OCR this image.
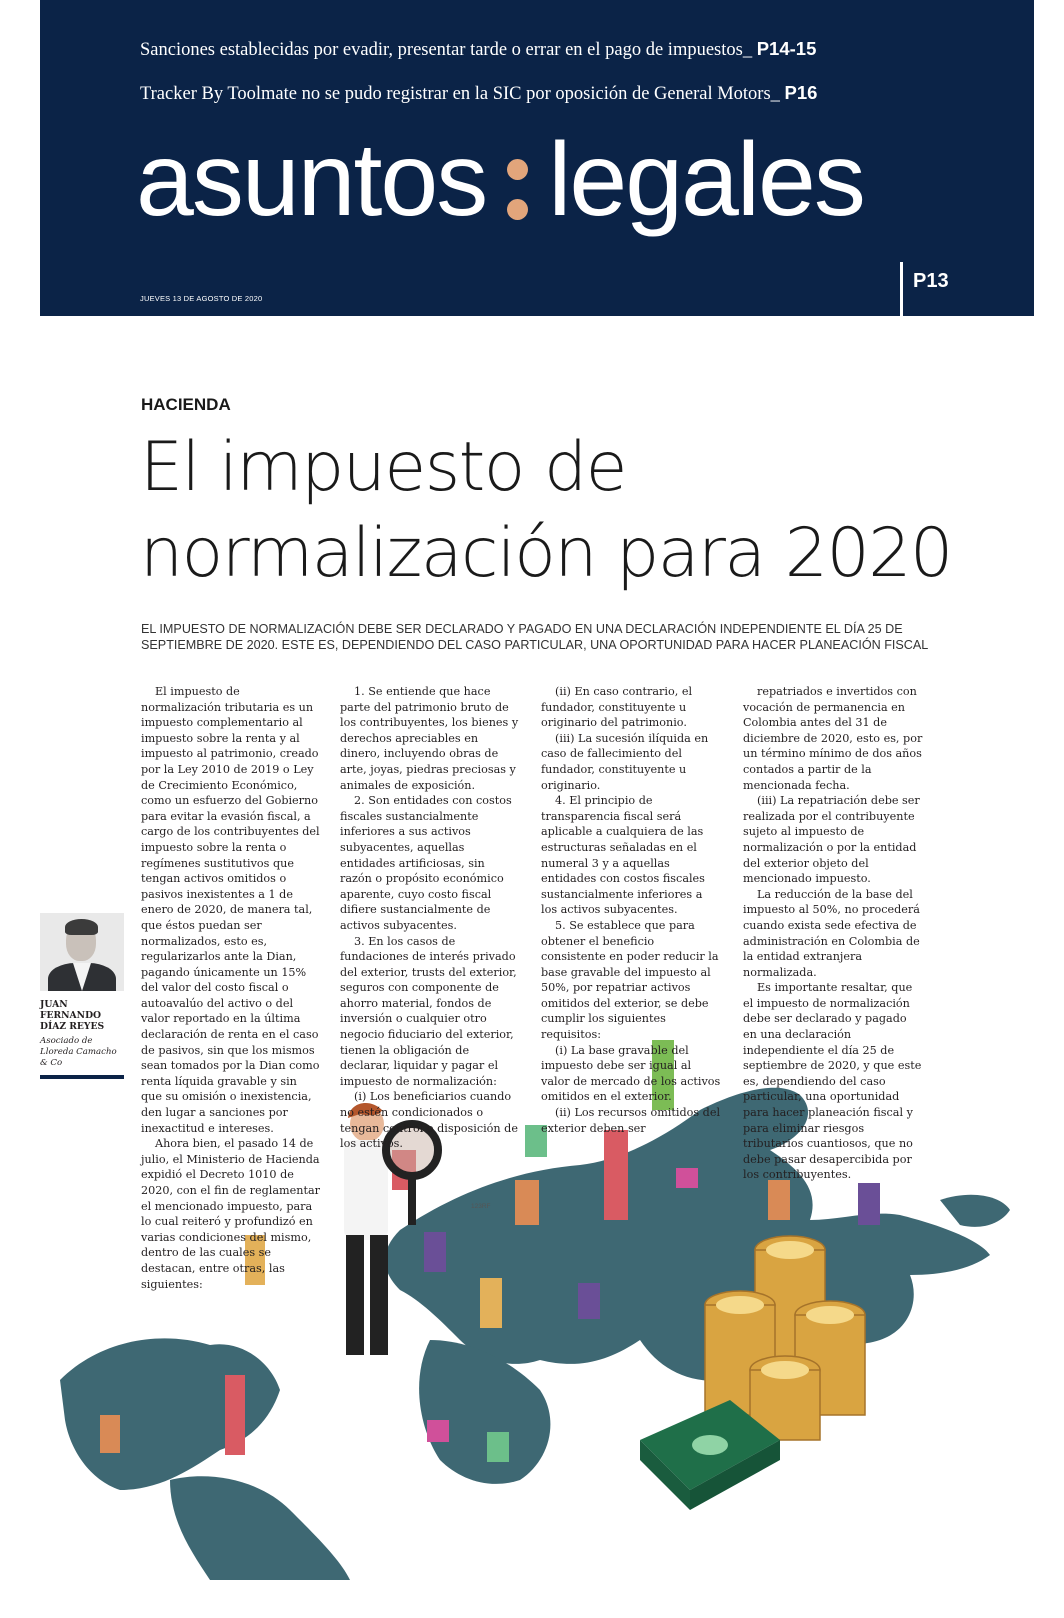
Sanciones establecidas por evadir, presentar tarde o errar en el pago de impuestos_ P14-15
Tracker By Toolmate no se pudo registrar en la SIC por oposición de General Motors_ P16
asuntos legales
JUEVES 13 DE AGOSTO DE 2020
P13
HACIENDA
El impuesto de
normalización para 2020
EL IMPUESTO DE NORMALIZACIÓN DEBE SER DECLARADO Y PAGADO EN UNA DECLARACIÓN INDEPENDIENTE EL DÍA 25 DE SEPTIEMBRE DE 2020. ESTE ES, DEPENDIENDO DEL CASO PARTICULAR, UNA OPORTUNIDAD PARA HACER PLANEACIÓN FISCAL
JUAN FERNANDO DÍAZ REYES
Asociado de Lloreda Camacho & Co
123RF

El impuesto de normalización tributaria es un impuesto complementario al impuesto sobre la renta y al impuesto al patrimonio, creado por la Ley 2010 de 2019 o Ley de Crecimiento Económico, como un esfuerzo del Gobierno para evitar la evasión fiscal, a cargo de los contribuyentes del impuesto sobre la renta o regímenes sustitutivos que tengan activos omitidos o pasivos inexistentes a 1 de enero de 2020, de manera tal, que éstos puedan ser normalizados, esto es, regularizarlos ante la Dian, pagando únicamente un 15% del valor del costo fiscal o autoavalúo del activo o del valor reportado en la última declaración de renta en el caso de pasivos, sin que los mismos sean tomados por la Dian como renta líquida gravable y sin que su omisión o inexistencia, den lugar a sanciones por inexactitud e intereses.

Ahora bien, el pasado 14 de julio, el Ministerio de Hacienda expidió el Decreto 1010 de 2020, con el fin de reglamentar el mencionado impuesto, para lo cual reiteró y profundizó en varias condiciones del mismo, dentro de las cuales se destacan, entre otras, las siguientes:

1. Se entiende que hace parte del patrimonio bruto de los contribuyentes, los bienes y derechos apreciables en dinero, incluyendo obras de arte, joyas, piedras preciosas y animales de exposición.

2. Son entidades con costos fiscales sustancialmente inferiores a sus activos subyacentes, aquellas entidades artificiosas, sin razón o propósito económico aparente, cuyo costo fiscal difiere sustancialmente de activos subyacentes.

3. En los casos de fundaciones de interés privado del exterior, trusts del exterior, seguros con componente de ahorro material, fondos de inversión o cualquier otro negocio fiduciario del exterior, tienen la obligación de declarar, liquidar y pagar el impuesto de normalización:

(i) Los beneficiarios cuando no estén condicionados o tengan control o disposición de los activos.

(ii) En caso contrario, el fundador, constituyente u originario del patrimonio.

(iii) La sucesión ilíquida en caso de fallecimiento del fundador, constituyente u originario.

4. El principio de transparencia fiscal será aplicable a cualquiera de las estructuras señaladas en el numeral 3 y a aquellas entidades con costos fiscales sustancialmente inferiores a los activos subyacentes.

5. Se establece que para obtener el beneficio consistente en poder reducir la base gravable del impuesto al 50%, por repatriar activos omitidos del exterior, se debe cumplir los siguientes requisitos:

(i) La base gravable del impuesto debe ser igual al valor de mercado de los activos omitidos en el exterior.

(ii) Los recursos omitidos del exterior deben ser

repatriados e invertidos con vocación de permanencia en Colombia antes del 31 de diciembre de 2020, esto es, por un término mínimo de dos años contados a partir de la mencionada fecha.

(iii) La repatriación debe ser realizada por el contribuyente sujeto al impuesto de normalización o por la entidad del exterior objeto del mencionado impuesto.

La reducción de la base del impuesto al 50%, no procederá cuando exista sede efectiva de administración en Colombia de la entidad extranjera normalizada.

Es importante resaltar, que el impuesto de normalización debe ser declarado y pagado en una declaración independiente el día 25 de septiembre de 2020, y que este es, dependiendo del caso particular, una oportunidad para hacer planeación fiscal y para eliminar riesgos tributarios cuantiosos, que no debe pasar desapercibida por los contribuyentes.
